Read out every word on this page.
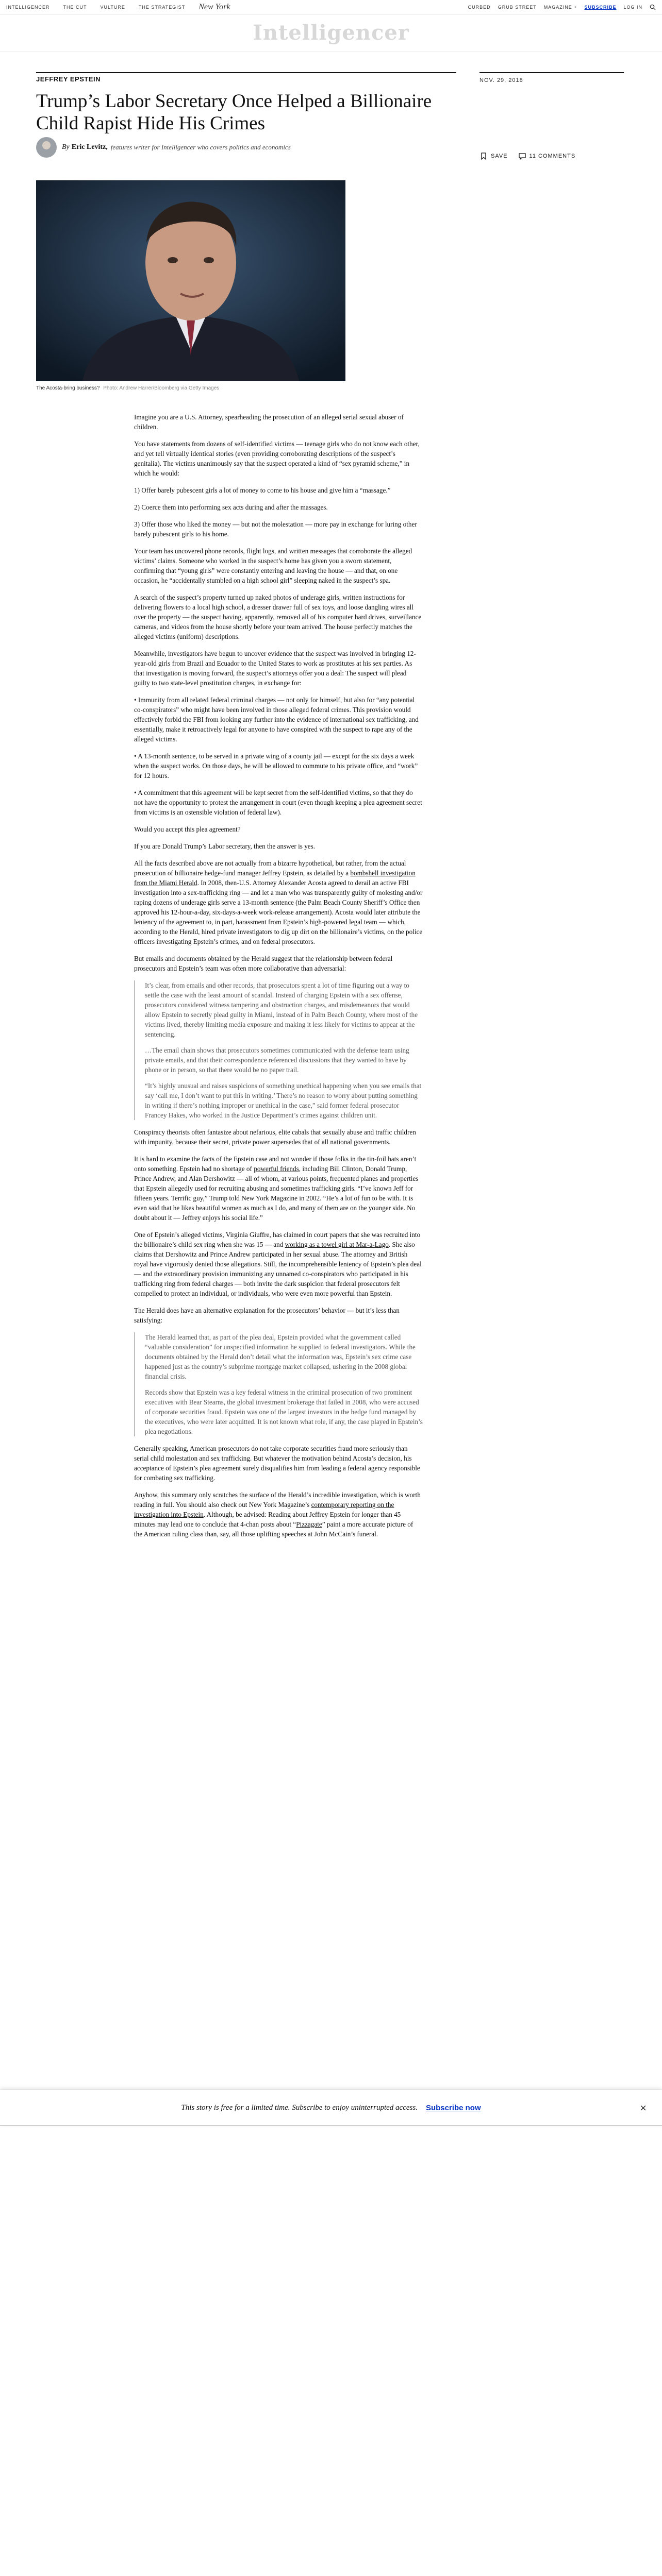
INTELLIGENCER	THE CUT	VULTURE	THE STRATEGIST New York	CURBED GRUB STREET MAGAZINE + SUBSCRIBE LOG IN
Intelligencer
JEFFREY EPSTEIN
Trump’s Labor Secretary Once Helped a Billionaire Child Rapist Hide His Crimes
By Eric Levitz, features writer for Intelligencer who covers politics and economics
NOV. 29, 2018
SAVE	11 COMMENTS
The Acosta-bring business? Photo: Andrew Harrer/Bloomberg via Getty Images

Imagine you are a U.S. Attorney, spearheading the prosecution of an alleged serial sexual abuser of children.

You have statements from dozens of self-identified victims — teenage girls who do not know each other, and yet tell virtually identical stories (even providing corroborating descriptions of the suspect’s genitalia). The victims unanimously say that the suspect operated a kind of “sex pyramid scheme,” in which he would:

1) Offer barely pubescent girls a lot of money to come to his house and give him a “massage.”

2) Coerce them into performing sex acts during and after the massages.

3) Offer those who liked the money — but not the molestation — more pay in exchange for luring other barely pubescent girls to his home.

Your team has uncovered phone records, flight logs, and written messages that corroborate the alleged victims’ claims. Someone who worked in the suspect’s home has given you a sworn statement, confirming that “young girls” were constantly entering and leaving the house — and that, on one occasion, he “accidentally stumbled on a high school girl” sleeping naked in the suspect’s spa.

A search of the suspect’s property turned up naked photos of underage girls, written instructions for delivering flowers to a local high school, a dresser drawer full of sex toys, and loose dangling wires all over the property — the suspect having, apparently, removed all of his computer hard drives, surveillance cameras, and videos from the house shortly before your team arrived. The house perfectly matches the alleged victims (uniform) descriptions.

Meanwhile, investigators have begun to uncover evidence that the suspect was involved in bringing 12-year-old girls from Brazil and Ecuador to the United States to work as prostitutes at his sex parties. As that investigation is moving forward, the suspect’s attorneys offer you a deal: The suspect will plead guilty to two state-level prostitution charges, in exchange for:

• Immunity from all related federal criminal charges — not only for himself, but also for “any potential co-conspirators” who might have been involved in those alleged federal crimes. This provision would effectively forbid the FBI from looking any further into the evidence of international sex trafficking, and essentially, make it retroactively legal for anyone to have conspired with the suspect to rape any of the alleged victims.

• A 13-month sentence, to be served in a private wing of a county jail — except for the six days a week when the suspect works. On those days, he will be allowed to commute to his private office, and “work” for 12 hours.

• A commitment that this agreement will be kept secret from the self-identified victims, so that they do not have the opportunity to protest the arrangement in court (even though keeping a plea agreement secret from victims is an ostensible violation of federal law).

Would you accept this plea agreement?

If you are Donald Trump’s Labor secretary, then the answer is yes.

All the facts described above are not actually from a bizarre hypothetical, but rather, from the actual prosecution of billionaire hedge-fund manager Jeffrey Epstein, as detailed by a bombshell investigation from the Miami Herald. In 2008, then-U.S. Attorney Alexander Acosta agreed to derail an active FBI investigation into a sex-trafficking ring — and let a man who was transparently guilty of molesting and/or raping dozens of underage girls serve a 13-month sentence (the Palm Beach County Sheriff’s Office then approved his 12-hour-a-day, six-days-a-week work-release arrangement). Acosta would later attribute the leniency of the agreement to, in part, harassment from Epstein’s high-powered legal team — which, according to the Herald, hired private investigators to dig up dirt on the billionaire’s victims, on the police officers investigating Epstein’s crimes, and on federal prosecutors.

But emails and documents obtained by the Herald suggest that the relationship between federal prosecutors and Epstein’s team was often more collaborative than adversarial:

It’s clear, from emails and other records, that prosecutors spent a lot of time figuring out a way to settle the case with the least amount of scandal. Instead of charging Epstein with a sex offense, prosecutors considered witness tampering and obstruction charges, and misdemeanors that would allow Epstein to secretly plead guilty in Miami, instead of in Palm Beach County, where most of the victims lived, thereby limiting media exposure and making it less likely for victims to appear at the sentencing.

…The email chain shows that prosecutors sometimes communicated with the defense team using private emails, and that their correspondence referenced discussions that they wanted to have by phone or in person, so that there would be no paper trail.

“It’s highly unusual and raises suspicions of something unethical happening when you see emails that say ‘call me, I don’t want to put this in writing.’ There’s no reason to worry about putting something in writing if there’s nothing improper or unethical in the case,” said former federal prosecutor Francey Hakes, who worked in the Justice Department’s crimes against children unit.

Conspiracy theorists often fantasize about nefarious, elite cabals that sexually abuse and traffic children with impunity, because their secret, private power supersedes that of all national governments.

It is hard to examine the facts of the Epstein case and not wonder if those folks in the tin-foil hats aren’t onto something. Epstein had no shortage of powerful friends, including Bill Clinton, Donald Trump, Prince Andrew, and Alan Dershowitz — all of whom, at various points, frequented planes and properties that Epstein allegedly used for recruiting abusing and sometimes trafficking girls. “I’ve known Jeff for fifteen years. Terrific guy,” Trump told New York Magazine in 2002. “He’s a lot of fun to be with. It is even said that he likes beautiful women as much as I do, and many of them are on the younger side. No doubt about it — Jeffrey enjoys his social life.”

One of Epstein’s alleged victims, Virginia Giuffre, has claimed in court papers that she was recruited into the billionaire’s child sex ring when she was 15 — and working as a towel girl at Mar-a-Lago. She also claims that Dershowitz and Prince Andrew participated in her sexual abuse. The attorney and British royal have vigorously denied those allegations. Still, the incomprehensible leniency of Epstein’s plea deal — and the extraordinary provision immunizing any unnamed co-conspirators who participated in his trafficking ring from federal charges — both invite the dark suspicion that federal prosecutors felt compelled to protect an individual, or individuals, who were even more powerful than Epstein.

The Herald does have an alternative explanation for the prosecutors’ behavior — but it’s less than satisfying:

The Herald learned that, as part of the plea deal, Epstein provided what the government called “valuable consideration” for unspecified information he supplied to federal investigators. While the documents obtained by the Herald don’t detail what the information was, Epstein’s sex crime case happened just as the country’s subprime mortgage market collapsed, ushering in the 2008 global financial crisis.

Records show that Epstein was a key federal witness in the criminal prosecution of two prominent executives with Bear Stearns, the global investment brokerage that failed in 2008, who were accused of corporate securities fraud. Epstein was one of the largest investors in the hedge fund managed by the executives, who were later acquitted. It is not known what role, if any, the case played in Epstein’s plea negotiations.

Generally speaking, American prosecutors do not take corporate securities fraud more seriously than serial child molestation and sex trafficking. But whatever the motivation behind Acosta’s decision, his acceptance of Epstein’s plea agreement surely disqualifies him from leading a federal agency responsible for combating sex trafficking.

Anyhow, this summary only scratches the surface of the Herald’s incredible investigation, which is worth reading in full. You should also check out New York Magazine’s contemporary reporting on the investigation into Epstein. Although, be advised: Reading about Jeffrey Epstein for longer than 45 minutes may lead one to conclude that 4-chan posts about “Pizzagate” paint a more accurate picture of the American ruling class than, say, all those uplifting speeches at John McCain’s funeral.

This story is free for a limited time. Subscribe to enjoy uninterrupted access. Subscribe now	×
